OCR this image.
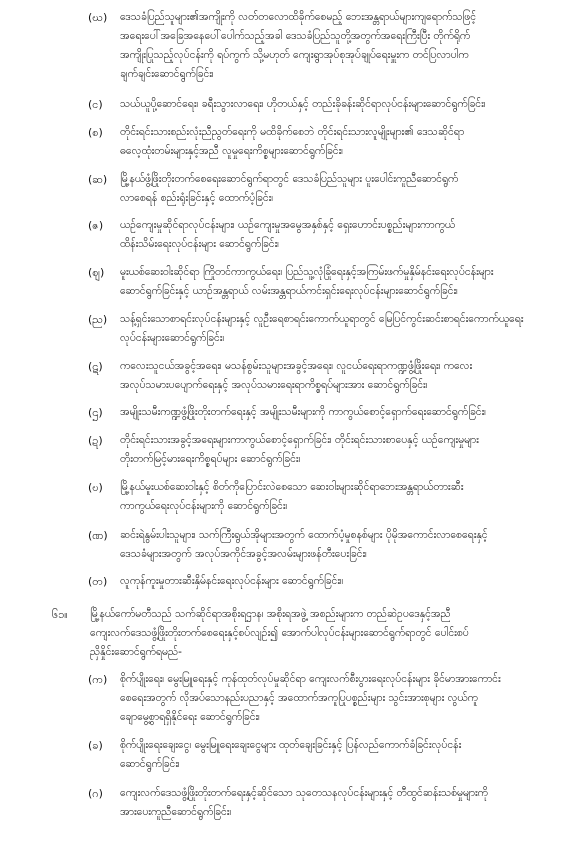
(ဃ) ဒေသခံပြည်သူများ၏အကျိုးကို လတ်တလောထိခိုက်စေမည့် ဘေးအန္တရာယ်များကျရောက်သဖြင့်
အရေးပေါ်အခြေအနေပေါ်ပေါက်သည့်အခါ ဒေသခံပြည်သူတို့အတွက်အရေးကြီးပြီး တိုက်ရိုက်
အကျိုးပြုသည့်လုပ်ငန်းကို ရပ်ကွက် သို့မဟုတ် ကျေးရွာအုပ်စုအုပ်ချုပ်ရေးမှူးက တင်ပြလာပါက
ချက်ချင်းဆောင်ရွက်ခြင်း၊
(င) သယ်ယူပို့ဆောင်ရေး၊ ခရီးသွားလာရေး၊ ဟိုတယ်နှင့် တည်းခိုခန်းဆိုင်ရာလုပ်ငန်းများဆောင်ရွက်ခြင်း၊
(စ) တိုင်းရင်းသားစည်းလုံးညီညွတ်ရေးကို မထိခိုက်စေဘဲ တိုင်းရင်းသားလူမျိုးများ၏ ဒေသဆိုင်ရာ
ဓလေ့ထုံးတမ်းများနှင့်အညီ လူမှုရေးကိစ္စများဆောင်ရွက်ခြင်း၊
(ဆ) မြို့နယ်ဖွံ့ဖြိုးတိုးတက်စေရေးဆောင်ရွက်ရာတွင် ဒေသခံပြည်သူများ ပူးပေါင်းကူညီဆောင်ရွက်
လာစေရန် စည်းရုံးခြင်းနှင့် ထောက်ပံ့ခြင်း၊
(ဇ) ယဉ်ကျေးမှုဆိုင်ရာလုပ်ငန်းများ၊ ယဉ်ကျေးမှုအမွေအနှစ်နှင့် ရှေးဟောင်းပစ္စည်းများကာကွယ်
ထိန်းသိမ်းရေးလုပ်ငန်းများ ဆောင်ရွက်ခြင်း၊
(ဈ) မူးယစ်ဆေးဝါးဆိုင်ရာ ကြိုတင်ကာကွယ်ရေး၊ ပြည်သူ့လုံခြုံရေးနှင့်အကြမ်းဖက်မှုနှိမ်နင်းရေးလုပ်ငန်းများ
ဆောင်ရွက်ခြင်းနှင့် ယာဉ်အန္တရာယ် လမ်းအန္တရာယ်ကင်းရှင်းရေးလုပ်ငန်းများဆောင်ရွက်ခြင်း၊
(ည) သန့်ရှင်းသောစာရင်းလုပ်ငန်းများနှင့် လူဦးရေစာရင်းကောက်ယူရာတွင် မြေပြင်ကွင်းဆင်းစာရင်းကောက်ယူရေး
လုပ်ငန်းများဆောင်ရွက်ခြင်း၊
(ဋ) ကလေးသူငယ်အခွင့်အရေး၊ မသန်စွမ်းသူများအခွင့်အရေး၊ လူငယ်ရေးရာကဏ္ဍဖွံ့ဖြိုးရေး၊ ကလေး
အလုပ်သမားပပျောက်ရေးနှင့် အလုပ်သမားရေးရာကိစ္စရပ်များအား ဆောင်ရွက်ခြင်း၊
(ဌ) အမျိုးသမီးကဏ္ဍဖွံ့ဖြိုးတိုးတက်ရေးနှင့် အမျိုးသမီးများကို ကာကွယ်စောင့်ရှောက်ရေးဆောင်ရွက်ခြင်း၊
(ဍ) တိုင်းရင်းသားအခွင့်အရေးများကာကွယ်စောင့်ရှောက်ခြင်း၊ တိုင်းရင်းသားစာပေနှင့် ယဉ်ကျေးမှုများ
တိုးတက်မြင့်မားရေးကိစ္စရပ်များ ဆောင်ရွက်ခြင်း၊
(ဎ) မြို့နယ်မူးယစ်ဆေးဝါးနှင့် စိတ်ကိုပြောင်းလဲစေသော ဆေးဝါးများဆိုင်ရာဘေးအန္တရာယ်တားဆီး
ကာကွယ်ရေးလုပ်ငန်းများကို ဆောင်ရွက်ခြင်း၊
(ဏ) ဆင်းရဲနွမ်းပါးသူများ၊ သက်ကြီးရွယ်အိုများအတွက် ထောက်ပံ့မှုစနစ်များ ပိုမိုအကောင်းလာစေရေးနှင့်
ဒေသခံများအတွက် အလုပ်အကိုင်အခွင့်အလမ်းများဖန်တီးပေးခြင်း၊
(တ) လူကုန်ကူးမှုတားဆီးနှိမ်နင်းရေးလုပ်ငန်းများ ဆောင်ရွက်ခြင်း။
၆၁။ မြို့နယ်ကော်မတီသည် သက်ဆိုင်ရာအစိုးရဌာန၊ အစိုးရအဖွဲ့ အစည်းများက တည်ဆဲဥပဒေနှင့်အညီ
ကျေးလက်ဒေသဖွံ့ဖြိုးတိုးတက်စေရေးနှင့်စပ်လျဉ်း၍ အောက်ပါလုပ်ငန်းများဆောင်ရွက်ရာတွင် ပေါင်းစပ်
ညှိနှိုင်းဆောင်ရွက်ရမည်-
(က) စိုက်ပျိုးရေး၊ မွေးမြူရေးနှင့် ကုန်ထုတ်လုပ်မှုဆိုင်ရာ ကျေးလက်စီးပွားရေးလုပ်ငန်းများ ခိုင်မာအားကောင်း
စေရေးအတွက် လိုအပ်သောနည်းပညာနှင့် အထောက်အကူပြုပစ္စည်းများ သွင်းအားစုများ လွယ်ကူ
ချောမွေ့စွာရရှိနိုင်ရေး ဆောင်ရွက်ခြင်း၊
(ခ) စိုက်ပျိုးရေးချေး‌ငွေ၊ မွေးမြူရေးချေးငွေများ ထုတ်ချေးခြင်းနှင့် ပြန်လည်ကောက်ခံခြင်းလုပ်ငန်း
ဆောင်ရွက်ခြင်း၊
(ဂ) ကျေးလက်ဒေသဖွံ့ဖြိုးတိုးတက်ရေးနှင့်ဆိုင်သော သုတေသနလုပ်ငန်းများနှင့် တီထွင်ဆန်းသစ်မှုများကို
အားပေးကူညီဆောင်ရွက်ခြင်း၊
